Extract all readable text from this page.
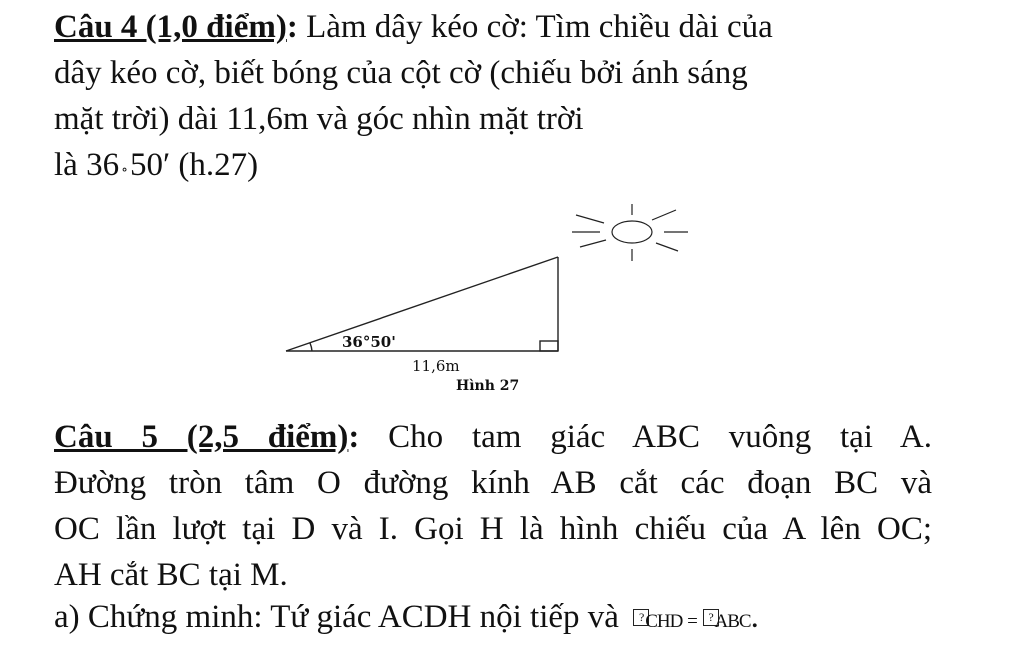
Câu 4 (1,0 điểm): Làm dây kéo cờ: Tìm chiều dài của
dây kéo cờ, biết bóng của cột cờ (chiếu bởi ánh sáng
mặt trời) dài 11,6m và góc nhìn mặt trời
là 36 ∘50′ (h.27)
36°50'
11,6m
Hình 27
Câu 5 (2,5 điểm): Cho tam giác ABC vuông tại A.
Đường tròn tâm O đường kính AB cắt các đoạn BC và
OC lần lượt tại D và I. Gọi H là hình chiếu của A lên OC;
AH cắt BC tại M.
a) Chứng minh: Tứ giác ACDH nội tiếp và ?CHD = ?ABC.
